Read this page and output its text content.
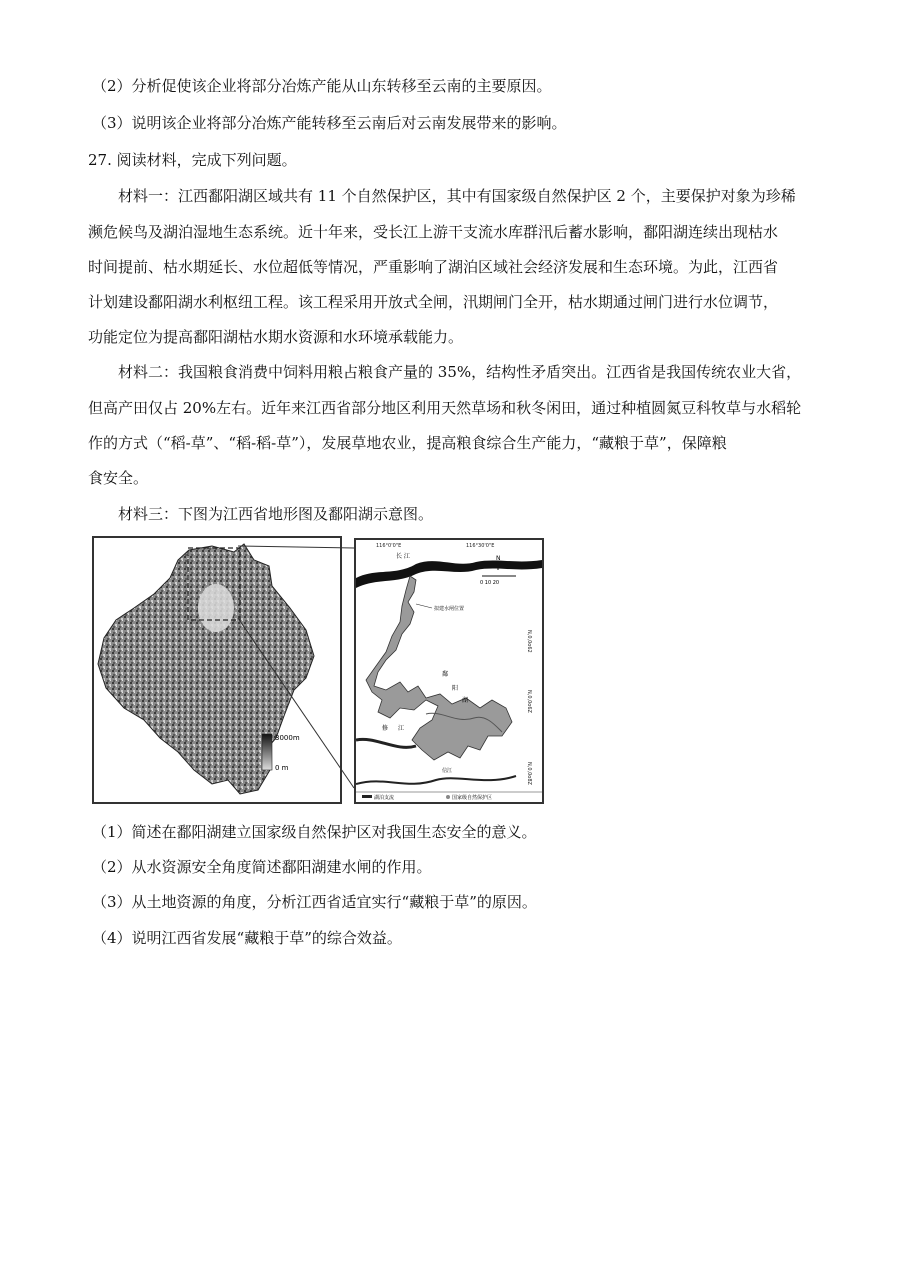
（2）分析促使该企业将部分冶炼产能从山东转移至云南的主要原因。
（3）说明该企业将部分冶炼产能转移至云南后对云南发展带来的影响。
27. 阅读材料，完成下列问题。
材料一：江西鄱阳湖区域共有 11 个自然保护区，其中有国家级自然保护区 2 个，主要保护对象为珍稀
濒危候鸟及湖泊湿地生态系统。近十年来，受长江上游干支流水库群汛后蓄水影响，鄱阳湖连续出现枯水
时间提前、枯水期延长、水位超低等情况，严重影响了湖泊区域社会经济发展和生态环境。为此，江西省
计划建设鄱阳湖水利枢纽工程。该工程采用开放式全闸，汛期闸门全开，枯水期通过闸门进行水位调节，
功能定位为提高鄱阳湖枯水期水资源和水环境承载能力。
材料二：我国粮食消费中饲料用粮占粮食产量的 35%，结构性矛盾突出。江西省是我国传统农业大省，
但高产田仅占 20%左右。近年来江西省部分地区利用天然草场和秋冬闲田，通过种植圆氮豆科牧草与水稻轮
作的方式（“稻-草”、“稻-稻-草”），发展草地农业，提高粮食综合生产能力，“藏粮于草”，保障粮
食安全。
材料三：下图为江西省地形图及鄱阳湖示意图。
3000m
0 m
116°0'0"E	116°30'0"E
N,0,0o62
N,0,0o6Z
N,0,0o8Z
长 江
拟建水闸位置
鄱
阳
湖
修 江
信江
N
0 10 20
湖泊支流	国家级自然保护区
（1）简述在鄱阳湖建立国家级自然保护区对我国生态安全的意义。
（2）从水资源安全角度简述鄱阳湖建水闸的作用。
（3）从土地资源的角度，分析江西省适宜实行“藏粮于草”的原因。
（4）说明江西省发展“藏粮于草”的综合效益。
